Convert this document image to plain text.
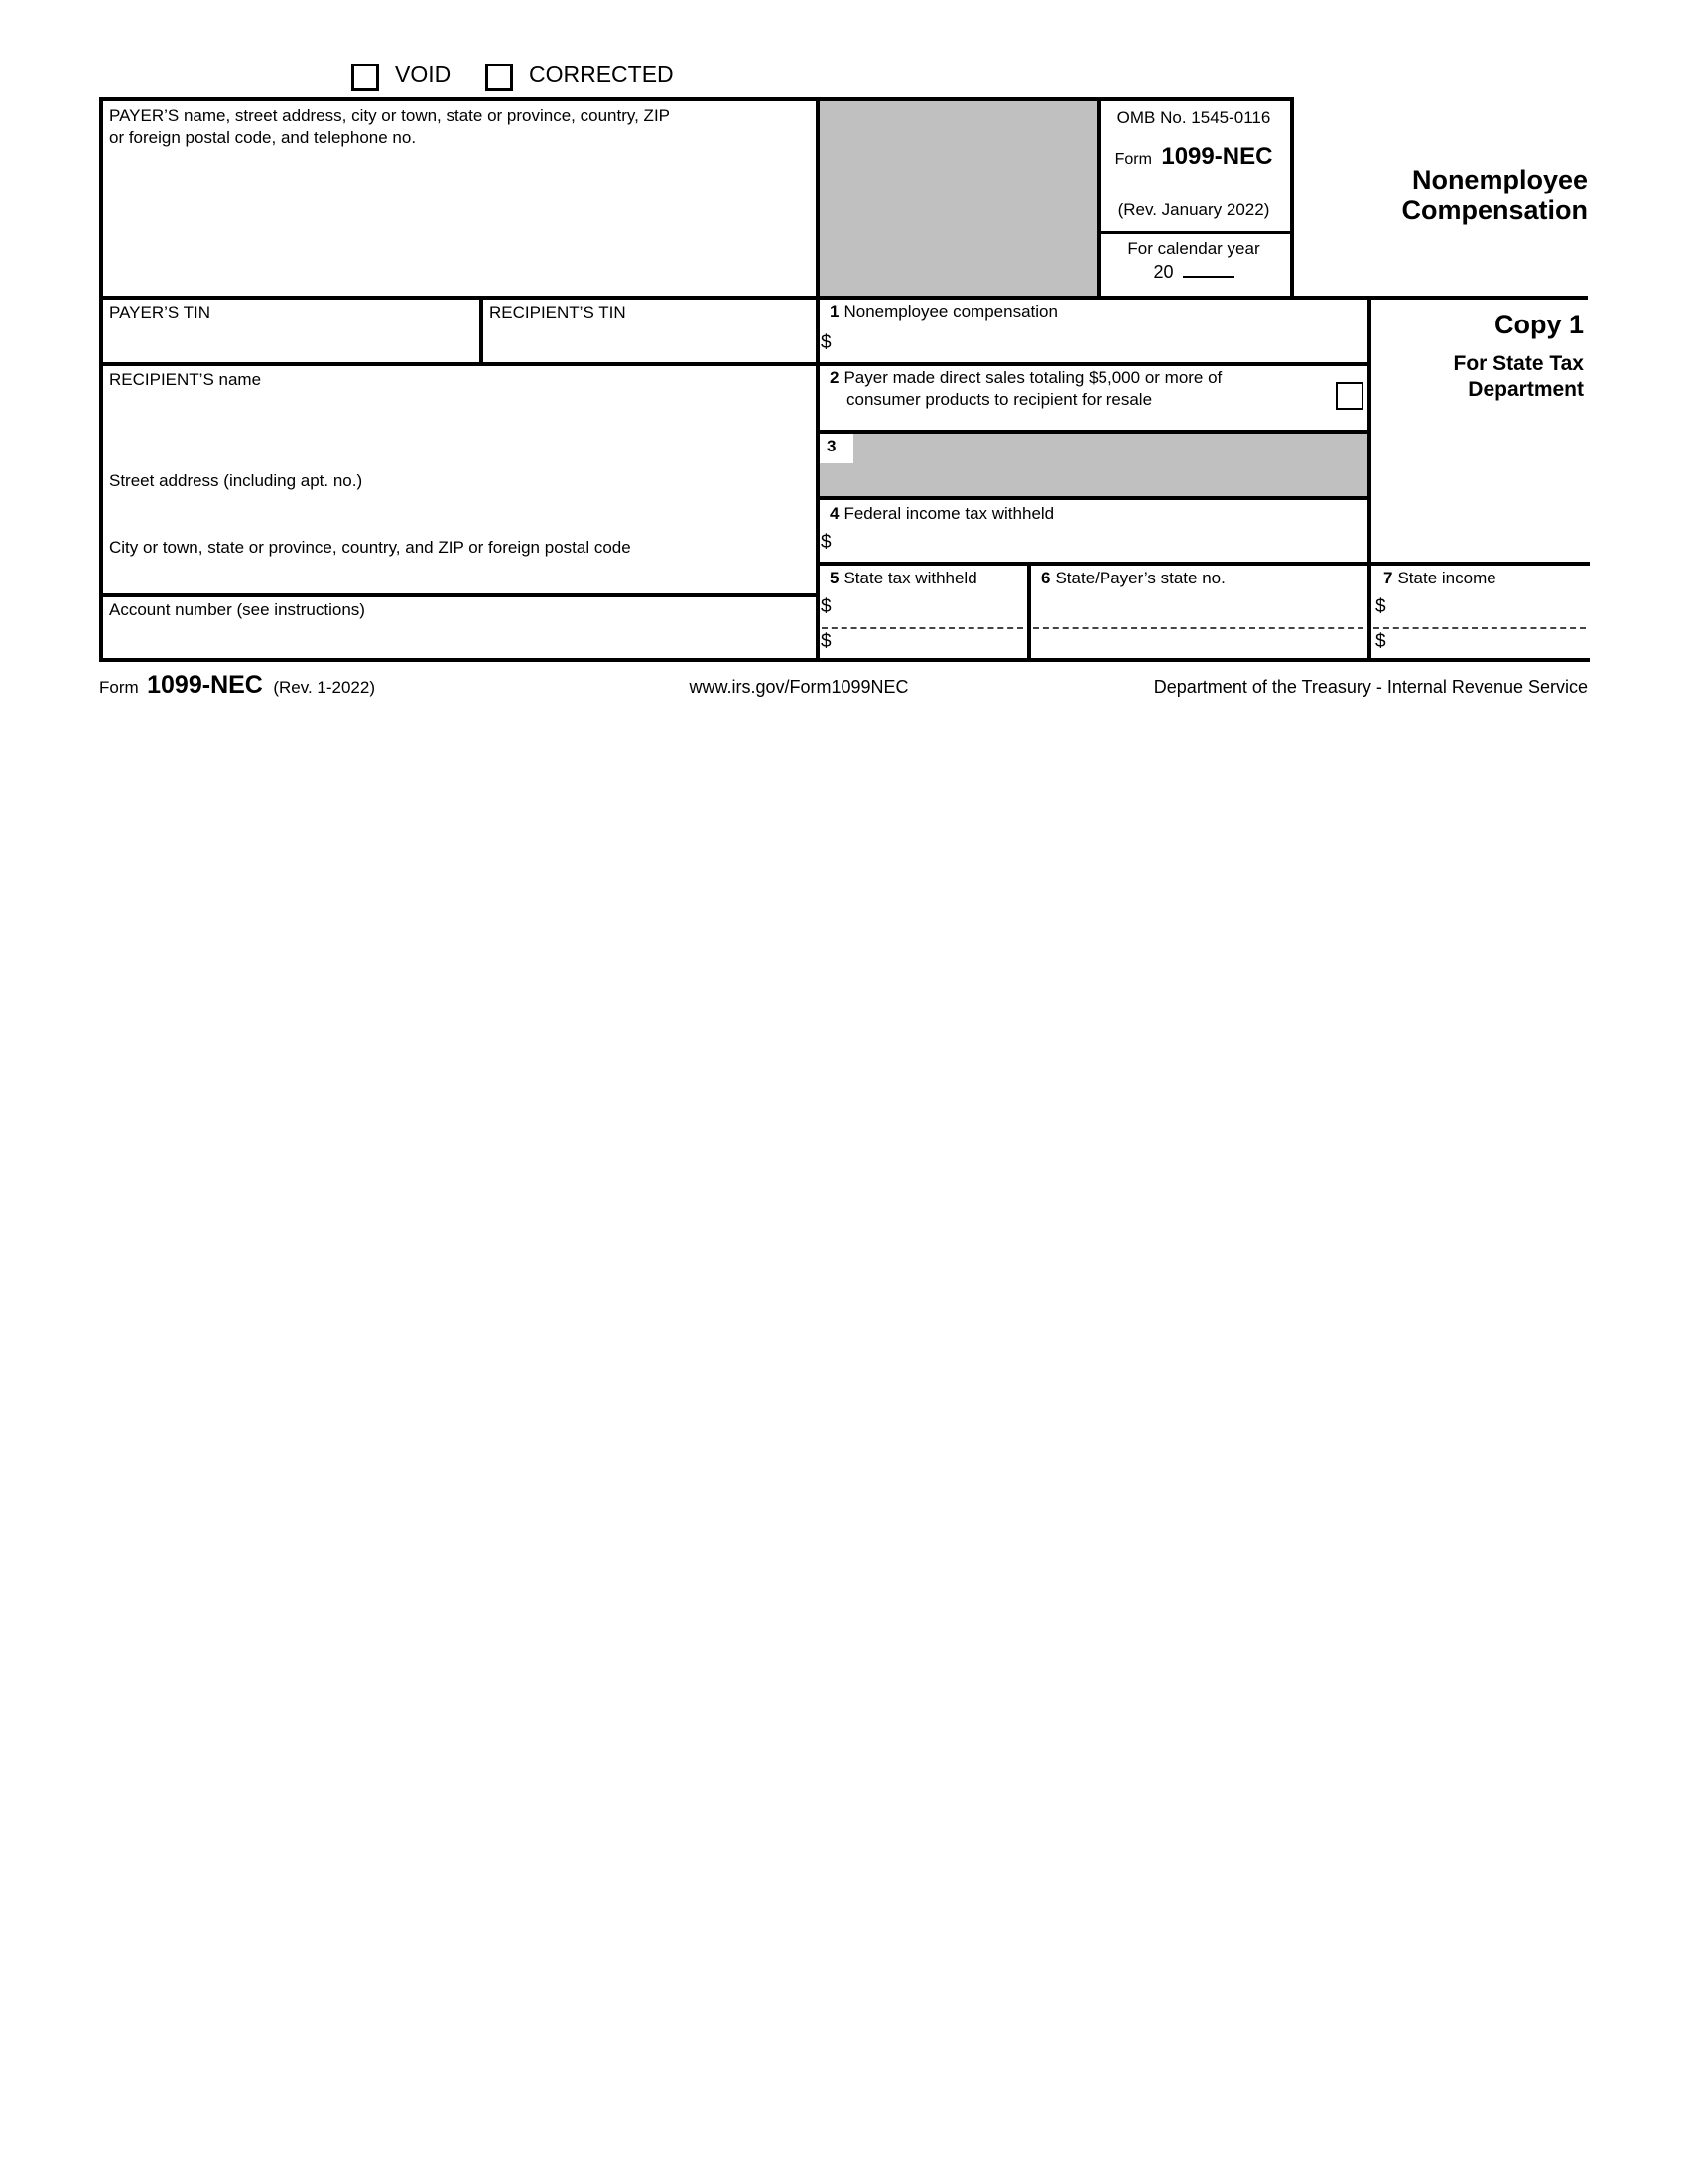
VOID	CORRECTED
PAYER’S name, street address, city or town, state or province, country, ZIP
or foreign postal code, and telephone no.
OMB No. 1545-0116
Form 1099-NEC
(Rev. January 2022)
For calendar year
20
Nonemployee
Compensation
Copy 1
For State Tax
Department
PAYER’S TIN	RECIPIENT’S TIN	1 Nonemployee compensation
$
RECIPIENT’S name
Street address (including apt. no.)
City or town, state or province, country, and ZIP or foreign postal code
2 Payer made direct sales totaling $5,000 or more of
consumer products to recipient for resale
3
4 Federal income tax withheld
$
5 State tax withheld
$
$
6 State/Payer’s state no.	7 State income
$
$
Account number (see instructions)
Form 1099-NEC (Rev. 1-2022)	www.irs.gov/Form1099NEC	Department of the Treasury - Internal Revenue Service
